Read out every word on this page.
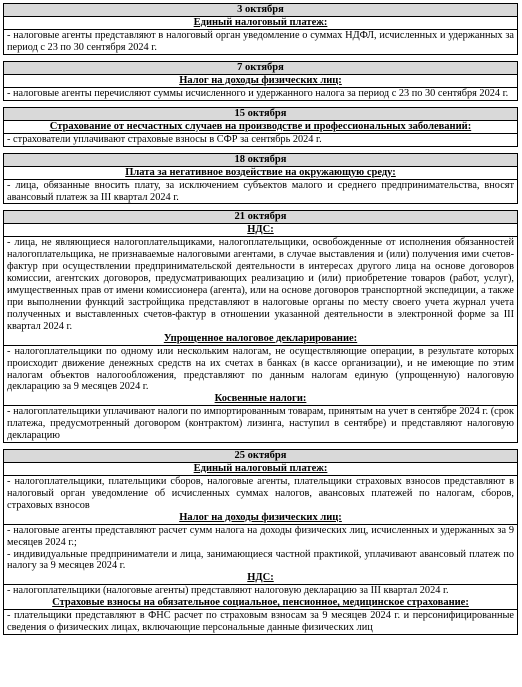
3 октября
Единый налоговый платеж:
- налоговые агенты представляют в налоговый орган уведомление о суммах НДФЛ, исчисленных и удержанных за период с 23 по 30 сентября 2024 г.
7 октября
Налог на доходы физических лиц:
- налоговые агенты перечисляют суммы исчисленного и удержанного налога за период с 23 по 30 сентября 2024 г.
15 октября
Страхование от несчастных случаев на производстве и профессиональных заболеваний:
- страхователи уплачивают страховые взносы в СФР за сентябрь 2024 г.
18 октября
Плата за негативное воздействие на окружающую среду:
- лица, обязанные вносить плату, за исключением субъектов малого и среднего предпринимательства, вносят авансовый платеж за III квартал 2024 г.
21 октября
НДС:
- лица, не являющиеся налогоплательщиками, налогоплательщики, освобожденные от исполнения обязанностей налогоплательщика, не признаваемые налоговыми агентами, в случае выставления и (или) получения ими счетов-фактур при осуществлении предпринимательской деятельности в интересах другого лица на основе договоров комиссии, агентских договоров, предусматривающих реализацию и (или) приобретение товаров (работ, услуг), имущественных прав от имени комиссионера (агента), или на основе договоров транспортной экспедиции, а также при выполнении функций застройщика представляют в налоговые органы по месту своего учета журнал учета полученных и выставленных счетов-фактур в отношении указанной деятельности в электронной форме за III квартал 2024 г.
Упрощенное налоговое декларирование:
- налогоплательщики по одному или нескольким налогам, не осуществляющие операции, в результате которых происходит движение денежных средств на их счетах в банках (в кассе организации), и не имеющие по этим налогам объектов налогообложения, представляют по данным налогам единую (упрощенную) налоговую декларацию за 9 месяцев 2024 г.
Косвенные налоги:
- налогоплательщики уплачивают налоги по импортированным товарам, принятым на учет в сентябре 2024 г. (срок платежа, предусмотренный договором (контрактом) лизинга, наступил в сентябре) и представляют налоговую декларацию
25 октября
Единый налоговый платеж:
- налогоплательщики, плательщики сборов, налоговые агенты, плательщики страховых взносов представляют в налоговый орган уведомление об исчисленных суммах налогов, авансовых платежей по налогам, сборов, страховых взносов
Налог на доходы физических лиц:
- налоговые агенты представляют расчет сумм налога на доходы физических лиц, исчисленных и удержанных за 9 месяцев 2024 г.;
- индивидуальные предприниматели и лица, занимающиеся частной практикой, уплачивают авансовый платеж по налогу за 9 месяцев 2024 г.
НДС:
- налогоплательщики (налоговые агенты) представляют налоговую декларацию за III квартал 2024 г.
Страховые взносы на обязательное социальное, пенсионное, медицинское страхование:
- плательщики представляют в ФНС расчет по страховым взносам за 9 месяцев 2024 г. и персонифицированные сведения о физических лицах, включающие персональные данные физических лиц
